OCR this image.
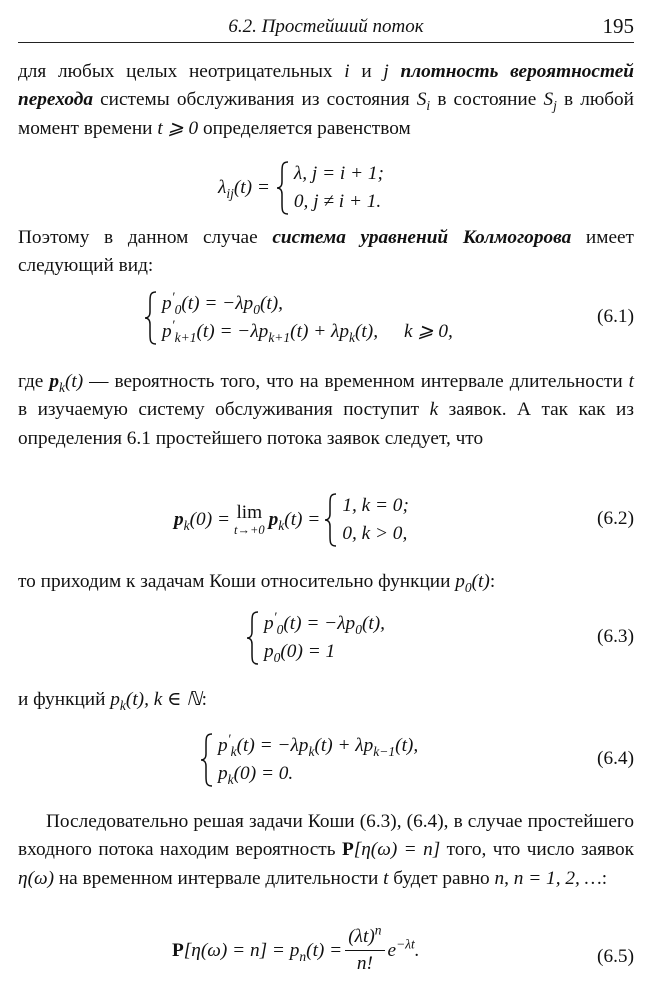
6.2. Простейший поток	195

для любых целых неотрицательных i и j плотность вероятностей перехода системы обслуживания из состояния $S_i$ в состояние $S_j$ в любой момент времени t ⩾ 0 определяется равенством

$\lambda_{ij}(t)$ =
λ, j = i + 1;
0, j ≠ i + 1.

Поэтому в данном случае система уравнений Колмогорова имеет следующий вид:

$p'_0(t) = -\lambda p_0(t)$,
$p'_{k+1}(t) = -\lambda p_{k+1}(t) + \lambda p_k(t)$, k ⩾ 0,
(6.1)

где $p_k(t)$ — вероятность того, что на временном интервале длительности t в изучаемую систему обслуживания поступит k заявок. А так как из определения 6.1 простейшего потока заявок следует, что

$p_k(0) = \lim$
t→+0
$p_k(t)$ =
1, k = 0;
0, k > 0,
(6.2)

то приходим к задачам Коши относительно функции $p_0(t)$:

$p'_0(t) = -\lambda p_0(t)$,
$p_0(0) = 1$
(6.3)

и функций $p_k(t)$, k ∈ ℕ:

$p'_k(t) = -\lambda p_k(t) + \lambda p_{k-1}(t)$,
$p_k(0) = 0$.
(6.4)

Последовательно решая задачи Коши (6.3), (6.4), в случае простейшего входного потока находим вероятность P[η(ω) = n] того, что число заявок η(ω) на временном интервале длительности t будет равно n, n = 1, 2, …:

$P[\eta(\omega) = n] = p_n(t) = \frac{(\lambda t)^n}{n!} e^{-\lambda t}$.	(6.5)
